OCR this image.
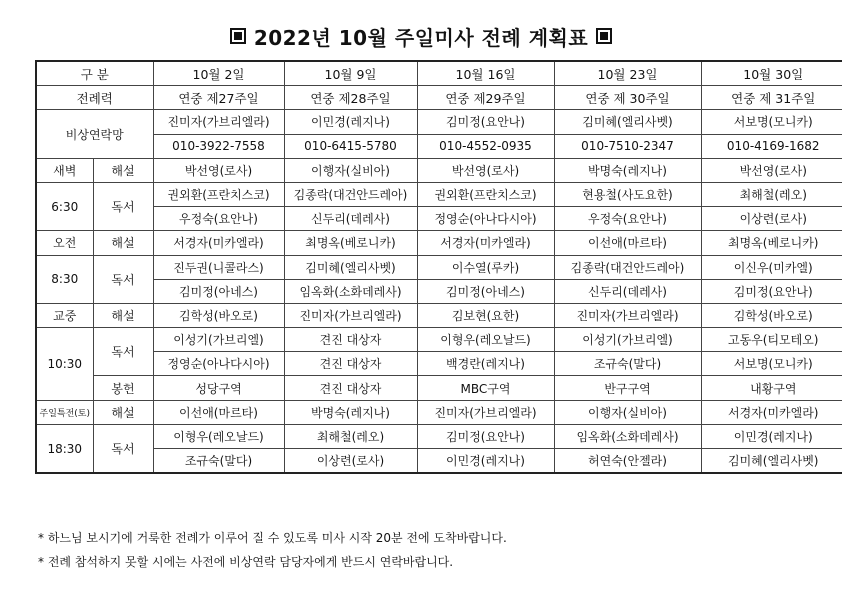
2022년 10월 주일미사 전례 계획표
구 분		10월 2일	10월 9일	10월 16일	10월 23일	10월 30일
전례력		연중 제27주일	연중 제28주일	연중 제29주일	연중 제 30주일	연중 제 31주일
비상연락망		진미자(가브리엘라)	이민경(레지나)	김미정(요안나)	김미혜(엘리사벳)	서보명(모니카)
		010-3922-7558	010-6415-5780	010-4552-0935	010-7510-2347	010-4169-1682
새벽	해설	박선영(로사)	이행자(실비아)	박선영(로사)	박명숙(레지나)	박선영(로사)
6:30	독서	권외환(프란치스코)	김종락(대건안드레아)	권외환(프란치스코)	현용철(사도요한)	최해철(레오)
		우정숙(요안나)	신두리(데레사)	정영순(아나다시아)	우정숙(요안나)	이상련(로사)
오전	해설	서경자(미카엘라)	최명옥(베로니카)	서경자(미카엘라)	이선애(마르타)	최명옥(베로니카)
8:30	독서	진두권(니콜라스)	김미혜(엘리사벳)	이수열(루카)	김종락(대건안드레아)	이신우(미카엘)
		김미정(아네스)	임옥화(소화데레사)	김미정(아네스)	신두리(데레사)	김미정(요안나)
교중	해설	김학성(바오로)	진미자(가브리엘라)	김보현(요한)	진미자(가브리엘라)	김학성(바오로)
10:30	독서	이성기(가브리엘)	견진 대상자	이형우(레오날드)	이성기(가브리엘)	고동우(티모테오)
		정영순(아나다시아)	견진 대상자	백경란(레지나)	조규숙(말다)	서보명(모니카)
	봉헌	성당구역	견진 대상자	MBC구역	반구구역	내황구역
주일특전(토)	해설	이선애(마르타)	박명숙(레지나)	진미자(가브리엘라)	이행자(실비아)	서경자(미카엘라)
18:30	독서	이형우(레오날드)	최해철(레오)	김미정(요안나)	임옥화(소화데레사)	이민경(레지나)
		조규숙(말다)	이상련(로사)	이민경(레지나)	허연숙(안젤라)	김미혜(엘리사벳)
* 하느님 보시기에 거룩한 전례가 이루어 질 수 있도록 미사 시작 20분 전에 도착바랍니다.
* 전례 참석하지 못할 시에는 사전에 비상연락 담당자에게 반드시 연락바랍니다.
